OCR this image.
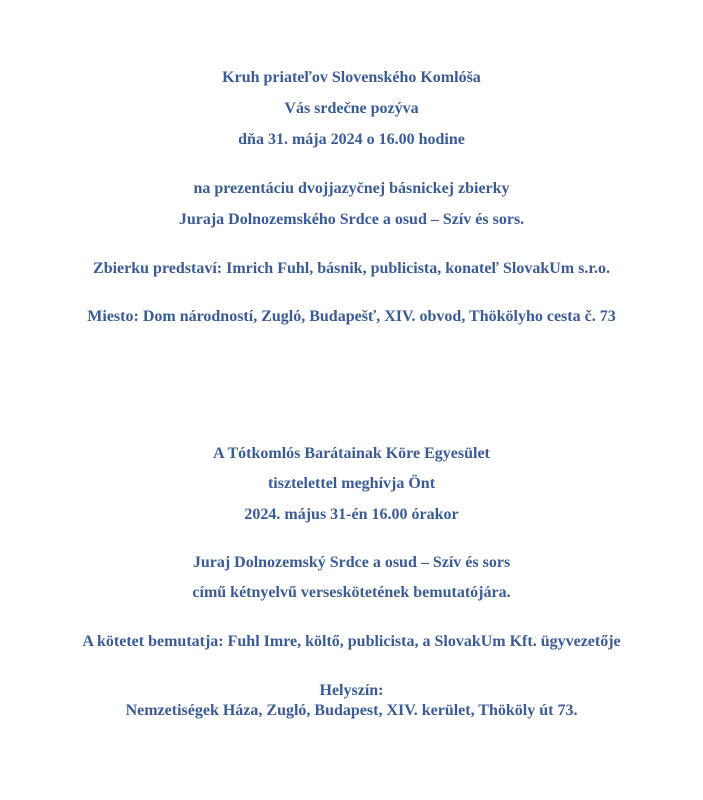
Kruh priateľov Slovenského Komlóša
Vás srdečne pozýva
dňa 31. mája 2024 o 16.00 hodine
na prezentáciu dvojjazyčnej básnickej zbierky
Juraja Dolnozemského Srdce a osud – Szív és sors.
Zbierku predstaví: Imrich Fuhl, básnik, publicista, konateľ SlovakUm s.r.o.
Miesto: Dom národností, Zugló, Budapešť, XIV. obvod, Thökölyho cesta č. 73
A Tótkomlós Barátainak Köre Egyesület
tisztelettel meghívja Önt
2024. május 31-én 16.00 órakor
Juraj Dolnozemský Srdce a osud – Szív és sors
című kétnyelvű verseskötetének bemutatójára.
A kötetet bemutatja: Fuhl Imre, költő, publicista, a SlovakUm Kft. ügyvezetője
Helyszín:
Nemzetiségek Háza, Zugló, Budapest, XIV. kerület, Thököly út 73.
